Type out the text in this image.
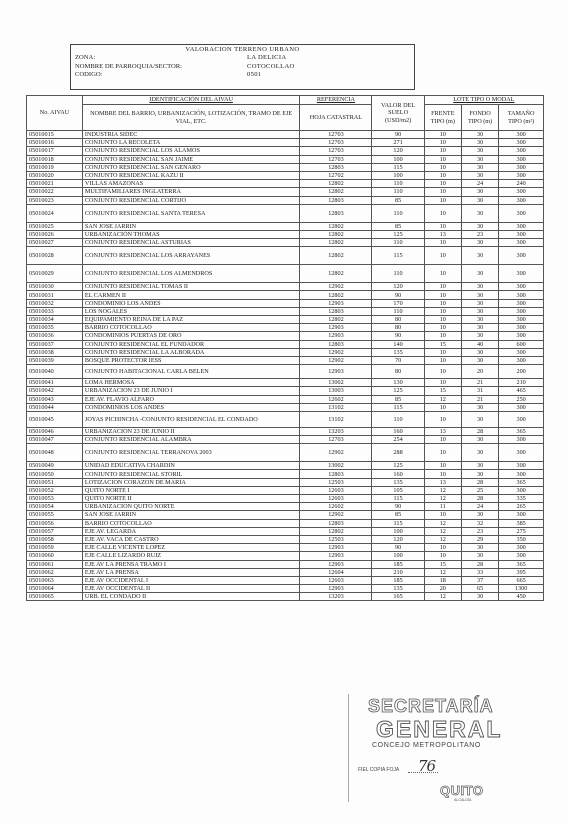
VALORACION TERRENO URBANO
ZONA:	LA DELICIA
NOMBRE DE PARROQUIA/SECTOR:	COTOCOLLAO
CODIGO:	0501
No. AIVAU	IDENTIFICACIÓN DEL AIVAU	REFERENCIA	VALOR DEL SUELO (USD/m2)	LOTE TIPO O MODAL		
	NOMBRE DEL BARRIO, URBANIZACIÓN, LOTIZACIÓN, TRAMO DE EJE VIAL, ETC.	HOJA CATASTRAL		FRENTE TIPO (m)	FONDO TIPO (m)	TAMAÑO TIPO (m²)
05010015	INDUSTRIA SIDEC	12703	90	10	30	300
05010016	CONJUNTO LA RECOLETA	12703	271	10	30	300
05010017	CONJUNTO RESIDENCIAL LOS ALAMOS	12703	120	10	30	300
05010018	CONJUNTO RESIDENCIAL SAN JAIME	12703	100	10	30	300
05010019	CONJUNTO RESIDENCIAL SAN GENARO	12803	115	10	30	300
05010020	CONJUNTO RESIDENCIAL KAZU II	12702	100	10	30	300
05010021	VILLAS AMAZONAS	12802	110	10	24	240
05010022	MULTIFAMILIARES INGLATERRA	12802	110	10	30	300
05010023	CONJUNTO RESIDENCIAL CORTIJO	12803	85	10	30	300
05010024	CONJUNTO RESIDENCIAL SANTA TERESA	12803	110	10	30	300
05010025	SAN JOSE JARRIN	12802	85	10	30	300
05010026	URBANIZACIÓN THOMAS	12802	125	13	23	300
05010027	CONJUNTO RESIDENCIAL ASTURIAS	12802	110	10	30	300
05010028	CONJUNTO RESIDENCIAL LOS ARRAYANES	12802	115	10	30	300
05010029	CONJUNTO RESIDENCIAL LOS ALMENDROS	12802	110	10	30	300
05010030	CONJUNTO RESIDENCIAL TOMAS II	12902	120	10	30	300
05010031	EL CARMEN II	12802	90	10	30	300
05010032	CONDOMINIO LOS ANDES	12903	170	10	30	300
05010033	LOS NOGALES	12803	110	10	30	300
05010034	EQUIPAMIENTO REINA DE LA PAZ	12802	80	10	30	300
05010035	BARRIO COTOCOLLAO	12903	80	10	30	300
05010036	CONDOMINIOS PUERTAS DE ORO	12903	90	10	30	300
05010037	CONJUNTO RESIDENCIAL EL FUNDADOR	12803	140	15	40	600
05010038	CONJUNTO RESIDENCIAL LA ALBORADA	12902	135	10	30	300
05010039	BOSQUE PROTECTOR IESS	12902	70	10	30	300
05010040	CONJUNTO HABITACIONAL CARLA BELEN	12903	80	10	20	200
05010041	LOMA HERMOSA	13002	130	10	21	210
05010042	URBANIZACION 23 DE JUNIO I	13003	125	15	31	465
05010043	EJE AV. FLAVIO ALFARO	12602	85	12	21	250
05010044	CONDOMINIOS LOS ANDES	13102	115	10	30	300
05010045	JOYAS PICHINCHA -CONJUNTO RESIDENCIAL EL CONDADO	13102	110	10	30	300
05010046	URBANIZACION 23 DE JUNIO II	13203	160	13	28	365
05010047	CONJUNTO RESIDENCIAL ALAMBRA	12703	254	10	30	300
05010048	CONJUNTO RESIDENCIAL TERRANOVA 2003	12902	288	10	30	300
05010049	UNIDAD EDUCATIVA CHARDIN	13002	125	10	30	300
05010050	CONJUNTO RESIDENCIAL STORIL	12803	160	10	30	300
05010051	LOTIZACION CORAZON DE MARIA	12503	135	13	28	365
05010052	QUITO NORTE I	12603	105	12	25	300
05010053	QUITO NORTE II	12603	115	12	28	335
05010054	URBANIZACION QUITO NORTE	12602	90	11	24	265
05010055	SAN JOSE JARRIN	12902	85	10	30	300
05010056	BARRIO COTOCOLLAO	12803	115	12	32	385
05010057	EJE AV. LEGARDA	12802	100	12	23	275
05010058	EJE AV. VACA DE CASTRO	12503	120	12	29	350
05010059	EJE CALLE VICENTE LOPEZ	12903	90	10	30	300
05010060	EJE CALLE LIZARDO RUIZ	12903	100	10	30	300
05010061	EJE AV LA PRENSA TRAMO I	12903	185	15	28	365
05010062	EJE AV LA PRENSA	12604	210	12	33	395
05010063	EJE AV OCCIDENTAL I	12603	185	18	37	665
05010064	EJE AV OCCIDENTAL II	12903	135	20	65	1300
05010065	URB. EL CONDADO II	13203	165	12	30	450
SECRETARÍA
GENERAL
CONCEJO METROPOLITANO
FIEL COPIA FOJA 76
QUITO
ALCALDÍA
